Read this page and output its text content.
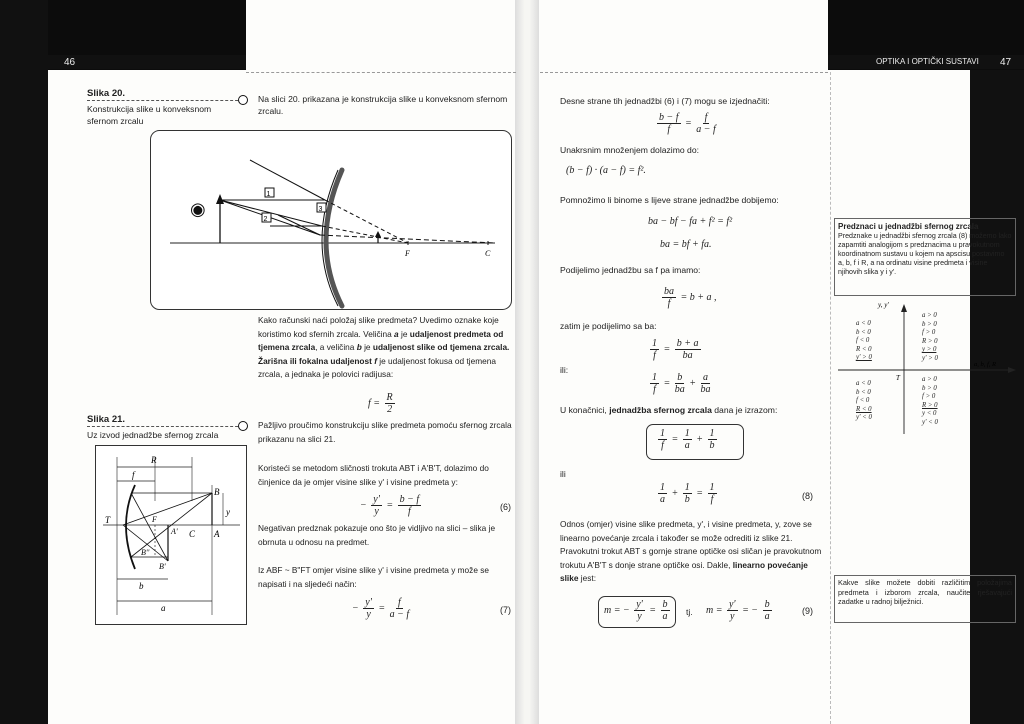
46	OPTIKA I OPTIČKI SUSTAVI 47
Slika 20.
Konstrukcija slike u konveksnom sfernom zrcalu
Na slici 20. prikazana je konstrukcija slike u konveksnom sfernom zrcalu.
◉
1
2
3
F	C
Kako računski naći položaj slike predmeta? Uvedimo oznake koje koristimo kod sfernih zrcala. Veličina a je udaljenost predmeta od tjemena zrcala, a veličina b je udaljenost slike od tjemena zrcala. Žarišna ili fokalna udaljenost f je udaljenost fokusa od tjemena zrcala, a jednaka je polovici radijusa:
$f = \frac{R}{2}$
Slika 21.
Uz izvod jednadžbe sfernog zrcala
Pažljivo proučimo konstrukciju slike predmeta pomoću sfernog zrcala prikazanu na slici 21.
R
f
B
y
T	F
A' C A
B''
B'
b
a
Koristeći se metodom sličnosti trokuta ABT i A'B'T, dolazimo do činjenice da je omjer visine slike y' i visine predmeta y:
− $\frac{y'}{y} = \frac{b - f}{f}$	(6)
Negativan predznak pokazuje ono što je vidljivo na slici – slika je obrnuta u odnosu na predmet.
Iz ABF ~ B"FT omjer visine slike y' i visine predmeta y može se napisati i na sljedeći način:
− $\frac{y'}{y} = \frac{f}{a - f}$	(7)
Desne strane tih jednadžbi (6) i (7) mogu se izjednačiti:
$\frac{b - f}{f} = \frac{f}{a - f}$
Unakrsnim množenjem dolazimo do:
(b − f) · (a − f) = f².
Pomnožimo li binome s lijeve strane jednadžbe dobijemo:
ba − bf − fa + f² = f²
ba = bf + fa.
Podijelimo jednadžbu sa f pa imamo:
$\frac{ba}{f} = b + a$ ,
zatim je podijelimo sa ba:
$\frac{1}{f} = \frac{b + a}{ba}$
ili:
$\frac{1}{f} = \frac{b}{ba} + \frac{a}{ba}$
U konačnici, jednadžba sfernog zrcala dana je izrazom:
$\frac{1}{f} = \frac{1}{a} + \frac{1}{b}$
ili
$\frac{1}{a} + \frac{1}{b} = \frac{1}{f}$	(8)
Odnos (omjer) visine slike predmeta, y', i visine predmeta, y, zove se linearno povećanje zrcala i također se može odrediti iz slike 21. Pravokutni trokut ABT s gornje strane optičke osi sličan je pravokutnom trokutu A'B'T s donje strane optičke osi. Dakle, linearno povećanje slike jest:
m = − $\frac{y'}{y} = \frac{b}{a}$ tj. $m = \frac{y'}{y}$ = − $\frac{b}{a}$	(9)
Predznaci u jednadžbi sfernog zrcala
Predznake u jednadžbi sfernog zrcala (8) možemo lako zapamtiti analogijom s predznacima u pravokutnom koordinatnom sustavu u kojem na apscisu postavimo a, b, f i R, a na ordinatu visine predmeta i visine njihovih slika y i y'.
y, y'
a, b, f, R
T
a < 0
b < 0
f < 0
R < 0
y' > 0
a > 0
b > 0
f > 0
R > 0
y > 0
y' > 0
a < 0
b < 0
f < 0
R < 0
y' < 0
a > 0
b > 0
f > 0
R > 0
y < 0
y' < 0
Kakve slike možete dobiti različitim položajima predmeta i izborom zrcala, naučite rješavajući zadatke u radnoj bilježnici.
